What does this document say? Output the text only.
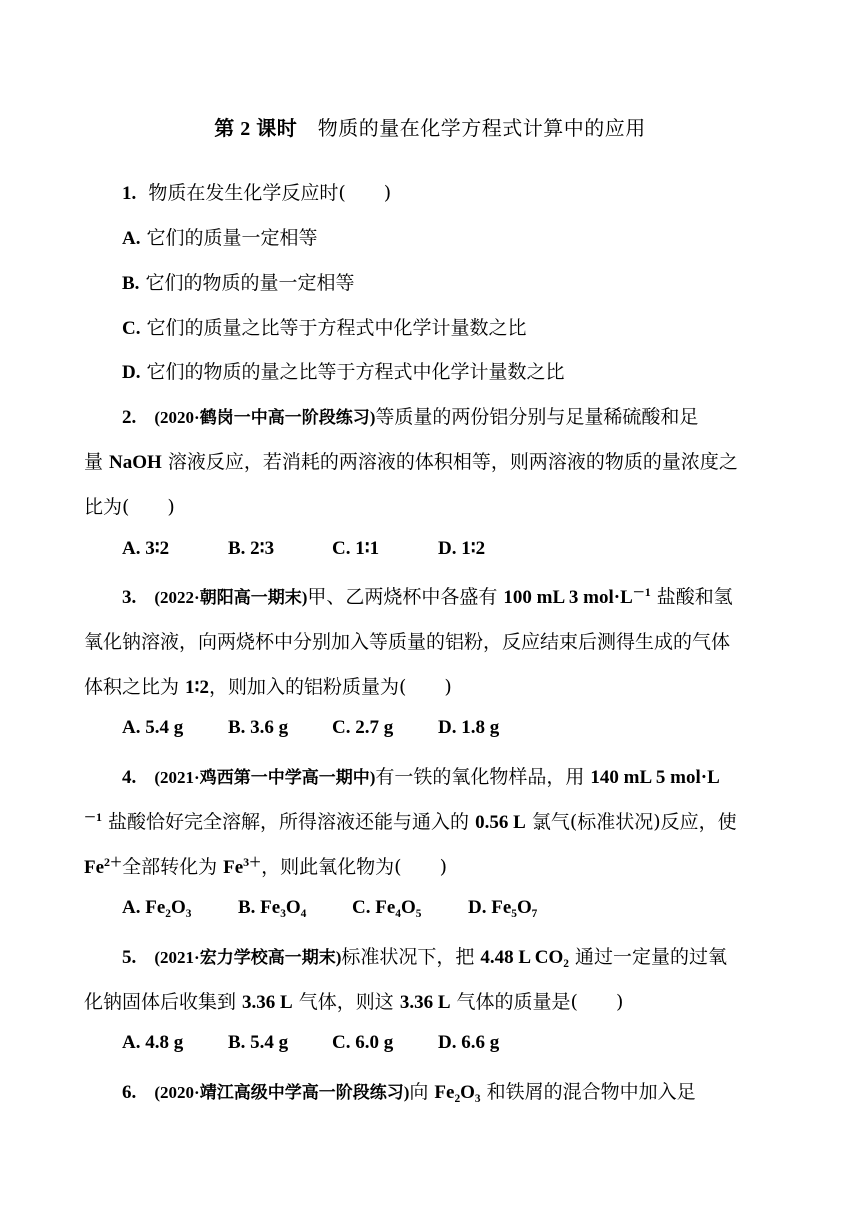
第 2 课时　 物质的量在化学方程式计算中的应用
1. 物质在发生化学反应时(　　)
A. 它们的质量一定相等
B. 它们的物质的量一定相等
C. 它们的质量之比等于方程式中化学计量数之比
D. 它们的物质的量之比等于方程式中化学计量数之比
2. (2020·鹤岗一中高一阶段练习)等质量的两份铝分别与足量稀硫酸和足
量 NaOH 溶液反应，若消耗的两溶液的体积相等，则两溶液的物质的量浓度之
比为(　　)
A. 3∶2	B. 2∶3	C. 1∶1	D. 1∶2
3. (2022·朝阳高一期末)甲、乙两烧杯中各盛有 100 mL 3 $mol\cdot L^{-1}$ 盐酸和氢
氧化钠溶液，向两烧杯中分别加入等质量的铝粉，反应结束后测得生成的气体
体积之比为 1∶2，则加入的铝粉质量为(　　)
A. 5.4 g B. 3.6 g C. 2.7 g D. 1.8 g
4. (2021·鸡西第一中学高一期中)有一铁的氧化物样品，用 140 mL 5 mol·L
$^{-1}$ 盐酸恰好完全溶解，所得溶液还能与通入的 0.56 L 氯气(标准状况)反应，使
$Fe^{2+}$全部转化为 $Fe^{3+}$，则此氧化物为(　　)
A. Fe₂O₃ B. Fe₃O₄ C. Fe₄O₅ D. Fe₅O₇
5. (2021·宏力学校高一期末)标准状况下，把 4.48 L CO₂ 通过一定量的过氧
化钠固体后收集到 3.36 L 气体，则这 3.36 L 气体的质量是(　　)
A. 4.8 g B. 5.4 g C. 6.0 g D. 6.6 g
6. (2020·靖江高级中学高一阶段练习)向 Fe₂O₃ 和铁屑的混合物中加入足
